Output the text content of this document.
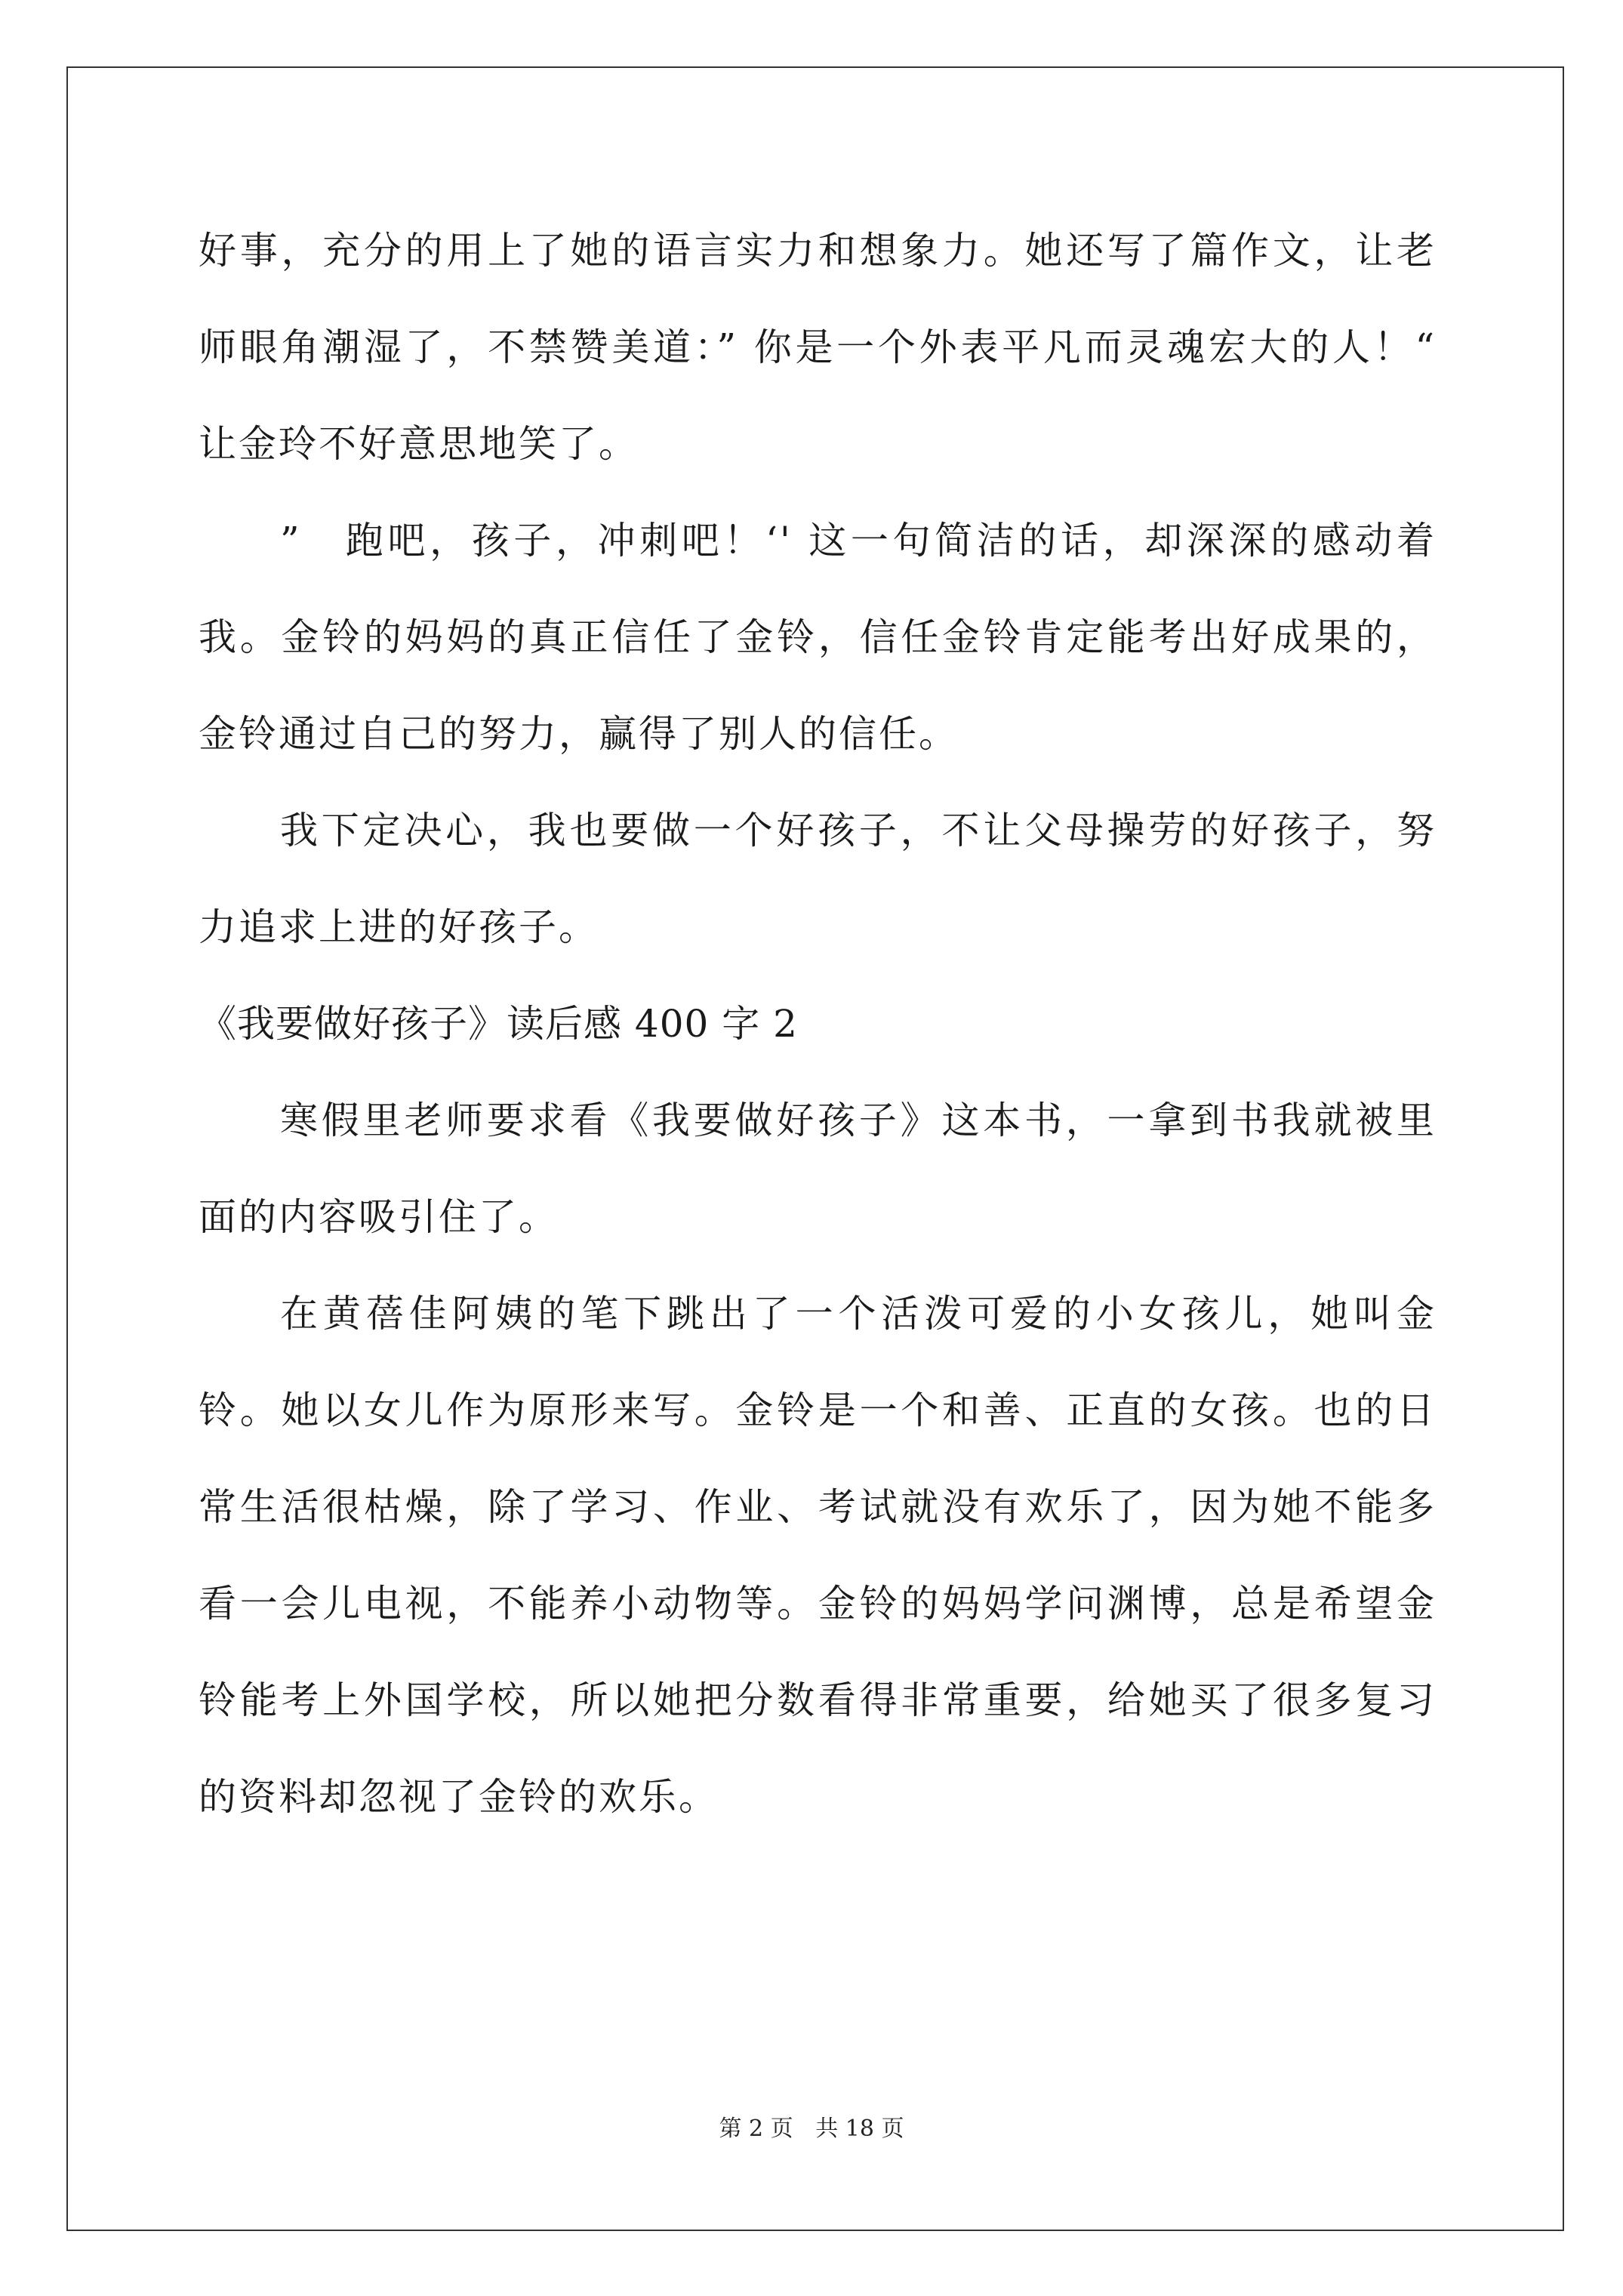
好事，充分的用上了她的语言实力和想象力。她还写了篇作文，让老师眼角潮湿了，不禁赞美道：” 你是一个外表平凡而灵魂宏大的人！“ 让金玲不好意思地笑了。

”　跑吧，孩子，冲刺吧！‘' 这一句简洁的话，却深深的感动着我。金铃的妈妈的真正信任了金铃，信任金铃肯定能考出好成果的，金铃通过自己的努力，赢得了别人的信任。

我下定决心，我也要做一个好孩子，不让父母操劳的好孩子，努力追求上进的好孩子。

《我要做好孩子》读后感 400 字 2

寒假里老师要求看《我要做好孩子》这本书，一拿到书我就被里面的内容吸引住了。

在黄蓓佳阿姨的笔下跳出了一个活泼可爱的小女孩儿，她叫金铃。她以女儿作为原形来写。金铃是一个和善、正直的女孩。也的日常生活很枯燥，除了学习、作业、考试就没有欢乐了，因为她不能多看一会儿电视，不能养小动物等。金铃的妈妈学问渊博，总是希望金铃能考上外国学校，所以她把分数看得非常重要，给她买了很多复习的资料却忽视了金铃的欢乐。

第 2 页 共 18 页
